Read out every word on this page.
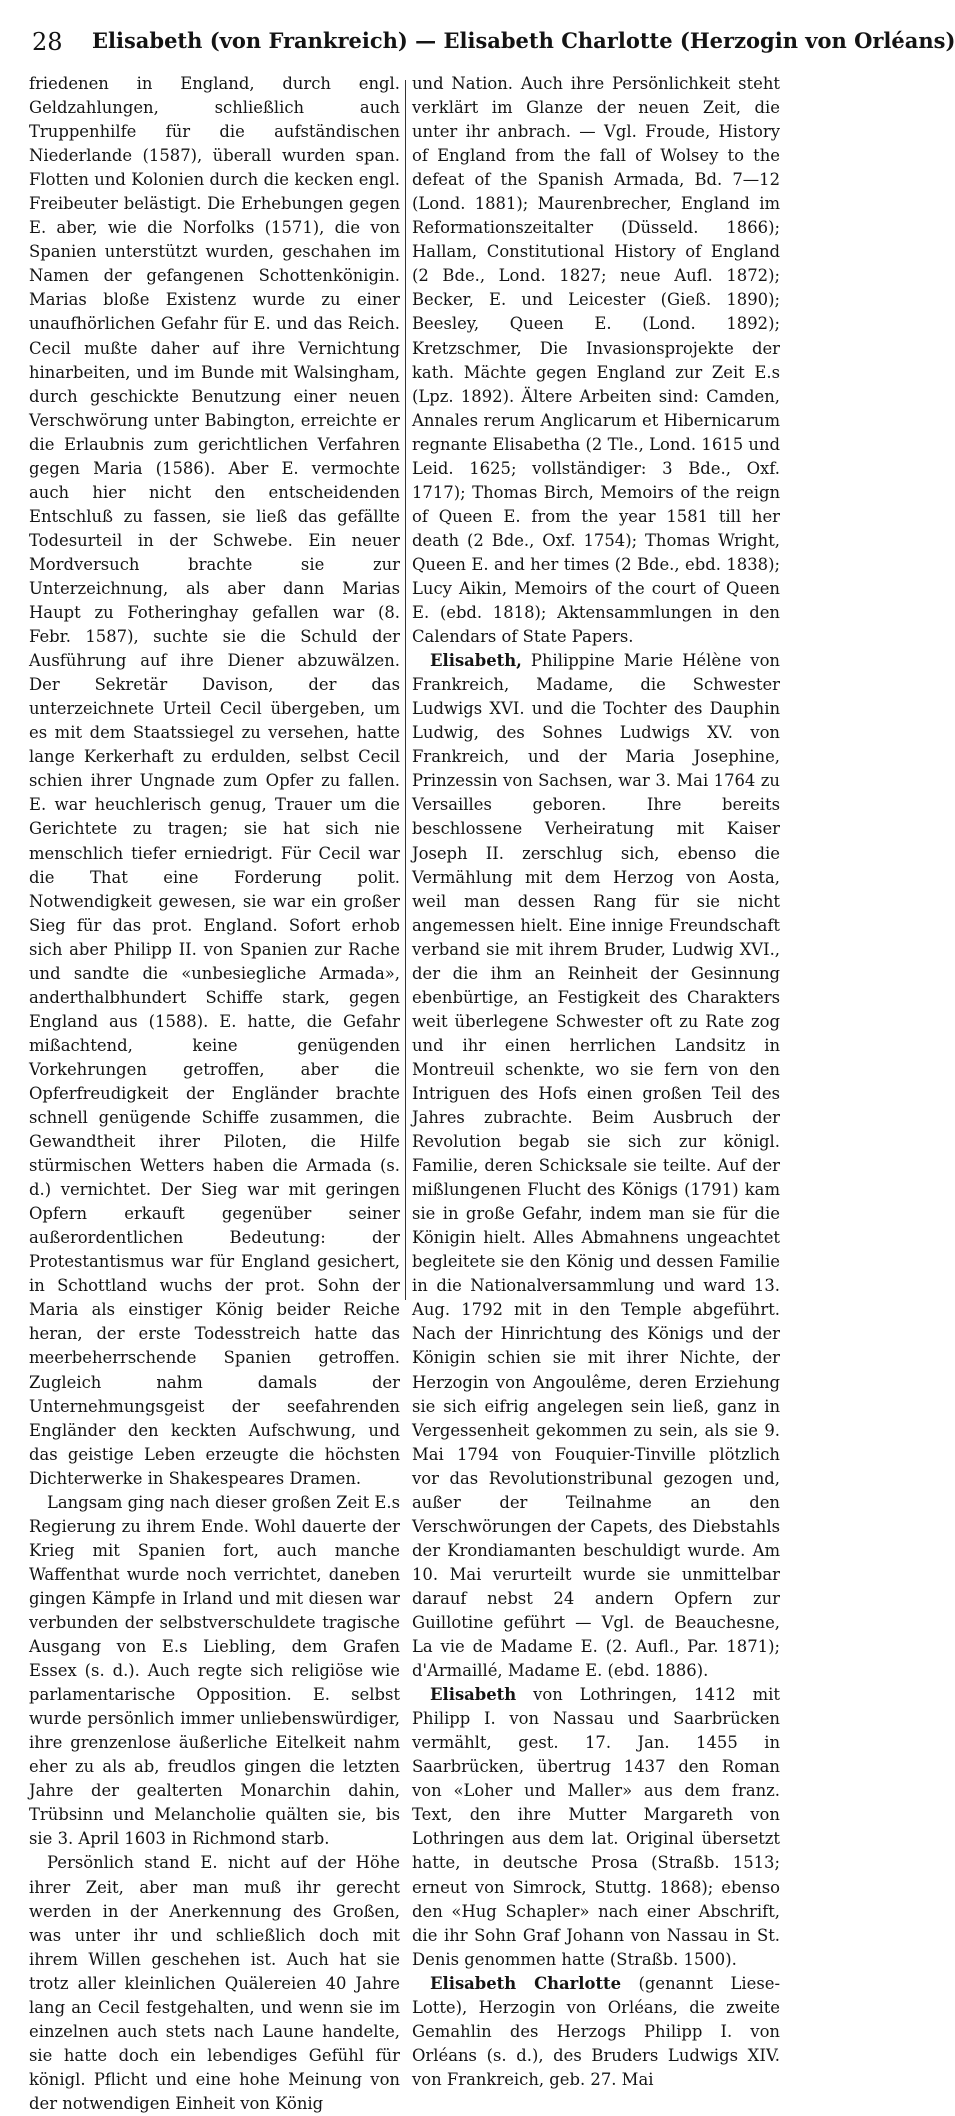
28 Elisabeth (von Frankreich) — Elisabeth Charlotte (Herzogin von Orléans)

friedenen in England, durch engl. Geldzahlungen, schließlich auch Truppenhilfe für die aufständischen Niederlande (1587), überall wurden span. Flotten und Kolonien durch die kecken engl. Freibeuter belästigt. Die Erhebungen gegen E. aber, wie die Norfolks (1571), die von Spanien unterstützt wurden, geschahen im Namen der gefangenen Schottenkönigin. Marias bloße Existenz wurde zu einer unaufhörlichen Gefahr für E. und das Reich. Cecil mußte daher auf ihre Vernichtung hinarbeiten, und im Bunde mit Walsingham, durch geschickte Benutzung einer neuen Verschwörung unter Babington, erreichte er die Erlaubnis zum gerichtlichen Verfahren gegen Maria (1586). Aber E. vermochte auch hier nicht den entscheidenden Entschluß zu fassen, sie ließ das gefällte Todesurteil in der Schwebe. Ein neuer Mordversuch brachte sie zur Unterzeichnung, als aber dann Marias Haupt zu Fotheringhay gefallen war (8. Febr. 1587), suchte sie die Schuld der Ausführung auf ihre Diener abzuwälzen. Der Sekretär Davison, der das unterzeichnete Urteil Cecil übergeben, um es mit dem Staatssiegel zu versehen, hatte lange Kerkerhaft zu erdulden, selbst Cecil schien ihrer Ungnade zum Opfer zu fallen. E. war heuchlerisch genug, Trauer um die Gerichtete zu tragen; sie hat sich nie menschlich tiefer erniedrigt. Für Cecil war die That eine Forderung polit. Notwendigkeit gewesen, sie war ein großer Sieg für das prot. England. Sofort erhob sich aber Philipp II. von Spanien zur Rache und sandte die «unbesiegliche Armada», anderthalbhundert Schiffe stark, gegen England aus (1588). E. hatte, die Gefahr mißachtend, keine genügenden Vorkehrungen getroffen, aber die Opferfreudigkeit der Engländer brachte schnell genügende Schiffe zusammen, die Gewandtheit ihrer Piloten, die Hilfe stürmischen Wetters haben die Armada (s. d.) vernichtet. Der Sieg war mit geringen Opfern erkauft gegenüber seiner außerordentlichen Bedeutung: der Protestantismus war für England gesichert, in Schottland wuchs der prot. Sohn der Maria als einstiger König beider Reiche heran, der erste Todesstreich hatte das meerbeherrschende Spanien getroffen. Zugleich nahm damals der Unternehmungsgeist der seefahrenden Engländer den keckten Aufschwung, und das geistige Leben erzeugte die höchsten Dichterwerke in Shakespeares Dramen.

Langsam ging nach dieser großen Zeit E.s Regierung zu ihrem Ende. Wohl dauerte der Krieg mit Spanien fort, auch manche Waffenthat wurde noch verrichtet, daneben gingen Kämpfe in Irland und mit diesen war verbunden der selbstverschuldete tragische Ausgang von E.s Liebling, dem Grafen Essex (s. d.). Auch regte sich religiöse wie parlamentarische Opposition. E. selbst wurde persönlich immer unliebenswürdiger, ihre grenzenlose äußerliche Eitelkeit nahm eher zu als ab, freudlos gingen die letzten Jahre der gealterten Monarchin dahin, Trübsinn und Melancholie quälten sie, bis sie 3. April 1603 in Richmond starb.

Persönlich stand E. nicht auf der Höhe ihrer Zeit, aber man muß ihr gerecht werden in der Anerkennung des Großen, was unter ihr und schließlich doch mit ihrem Willen geschehen ist. Auch hat sie trotz aller kleinlichen Quälereien 40 Jahre lang an Cecil festgehalten, und wenn sie im einzelnen auch stets nach Laune handelte, sie hatte doch ein lebendiges Gefühl für königl. Pflicht und eine hohe Meinung von der notwendigen Einheit von König

und Nation. Auch ihre Persönlichkeit steht verklärt im Glanze der neuen Zeit, die unter ihr anbrach. — Vgl. Froude, History of England from the fall of Wolsey to the defeat of the Spanish Armada, Bd. 7—12 (Lond. 1881); Maurenbrecher, England im Reformationszeitalter (Düsseld. 1866); Hallam, Constitutional History of England (2 Bde., Lond. 1827; neue Aufl. 1872); Becker, E. und Leicester (Gieß. 1890); Beesley, Queen E. (Lond. 1892); Kretzschmer, Die Invasionsprojekte der kath. Mächte gegen England zur Zeit E.s (Lpz. 1892). Ältere Arbeiten sind: Camden, Annales rerum Anglicarum et Hibernicarum regnante Elisabetha (2 Tle., Lond. 1615 und Leid. 1625; vollständiger: 3 Bde., Oxf. 1717); Thomas Birch, Memoirs of the reign of Queen E. from the year 1581 till her death (2 Bde., Oxf. 1754); Thomas Wright, Queen E. and her times (2 Bde., ebd. 1838); Lucy Aikin, Memoirs of the court of Queen E. (ebd. 1818); Aktensammlungen in den Calendars of State Papers.

Elisabeth, Philippine Marie Hélène von Frankreich, Madame, die Schwester Ludwigs XVI. und die Tochter des Dauphin Ludwig, des Sohnes Ludwigs XV. von Frankreich, und der Maria Josephine, Prinzessin von Sachsen, war 3. Mai 1764 zu Versailles geboren. Ihre bereits beschlossene Verheiratung mit Kaiser Joseph II. zerschlug sich, ebenso die Vermählung mit dem Herzog von Aosta, weil man dessen Rang für sie nicht angemessen hielt. Eine innige Freundschaft verband sie mit ihrem Bruder, Ludwig XVI., der die ihm an Reinheit der Gesinnung ebenbürtige, an Festigkeit des Charakters weit überlegene Schwester oft zu Rate zog und ihr einen herrlichen Landsitz in Montreuil schenkte, wo sie fern von den Intriguen des Hofs einen großen Teil des Jahres zubrachte. Beim Ausbruch der Revolution begab sie sich zur königl. Familie, deren Schicksale sie teilte. Auf der mißlungenen Flucht des Königs (1791) kam sie in große Gefahr, indem man sie für die Königin hielt. Alles Abmahnens ungeachtet begleitete sie den König und dessen Familie in die Nationalversammlung und ward 13. Aug. 1792 mit in den Temple abgeführt. Nach der Hinrichtung des Königs und der Königin schien sie mit ihrer Nichte, der Herzogin von Angoulême, deren Erziehung sie sich eifrig angelegen sein ließ, ganz in Vergessenheit gekommen zu sein, als sie 9. Mai 1794 von Fouquier-Tinville plötzlich vor das Revolutionstribunal gezogen und, außer der Teilnahme an den Verschwörungen der Capets, des Diebstahls der Krondiamanten beschuldigt wurde. Am 10. Mai verurteilt wurde sie unmittelbar darauf nebst 24 andern Opfern zur Guillotine geführt — Vgl. de Beauchesne, La vie de Madame E. (2. Aufl., Par. 1871); d'Armaillé, Madame E. (ebd. 1886).

Elisabeth von Lothringen, 1412 mit Philipp I. von Nassau und Saarbrücken vermählt, gest. 17. Jan. 1455 in Saarbrücken, übertrug 1437 den Roman von «Loher und Maller» aus dem franz. Text, den ihre Mutter Margareth von Lothringen aus dem lat. Original übersetzt hatte, in deutsche Prosa (Straßb. 1513; erneut von Simrock, Stuttg. 1868); ebenso den «Hug Schapler» nach einer Abschrift, die ihr Sohn Graf Johann von Nassau in St. Denis genommen hatte (Straßb. 1500).

Elisabeth Charlotte (genannt Liese-Lotte), Herzogin von Orléans, die zweite Gemahlin des Herzogs Philipp I. von Orléans (s. d.), des Bruders Ludwigs XIV. von Frankreich, geb. 27. Mai
